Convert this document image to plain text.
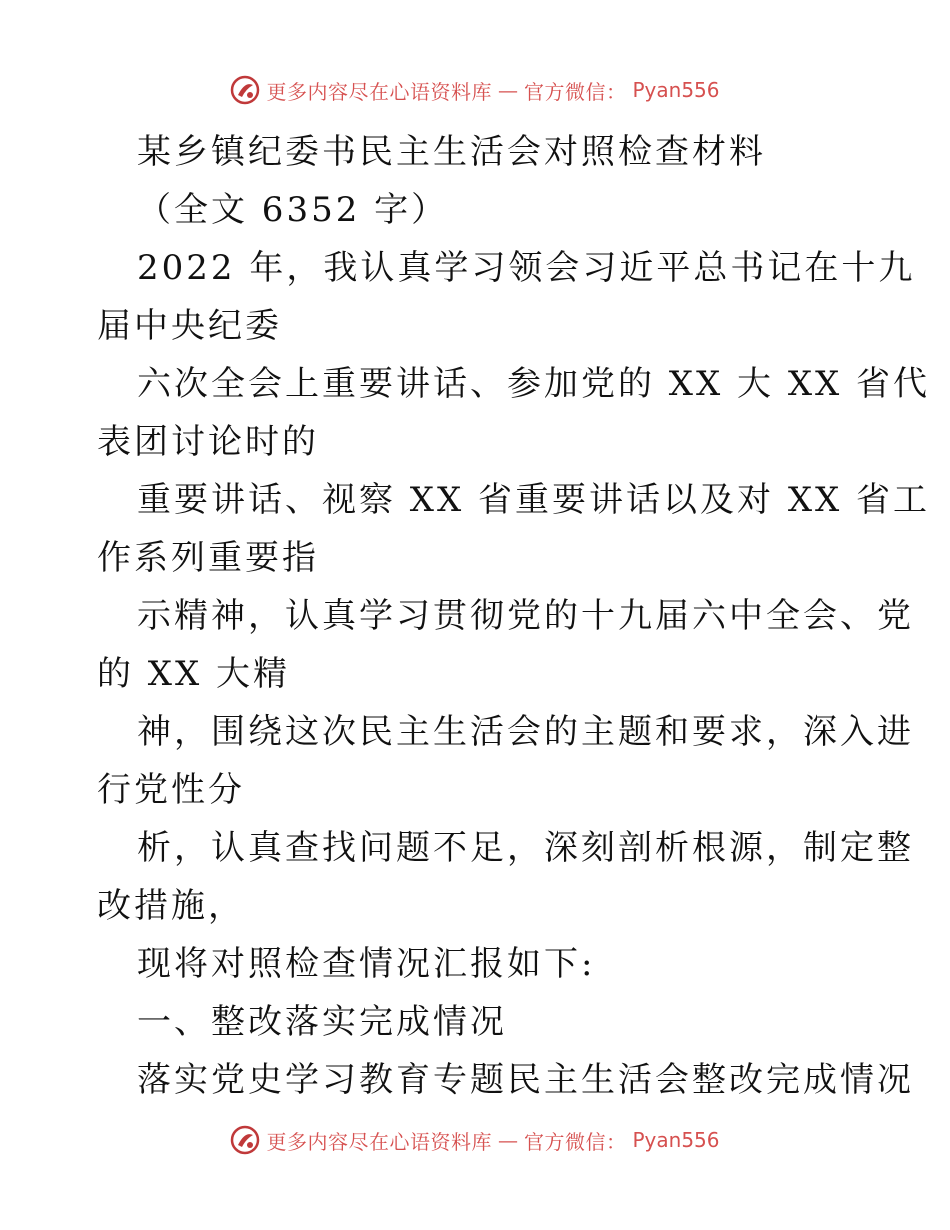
更多内容尽在心语资料库 — 官方微信： Pyan556
某乡镇纪委书民主生活会对照检查材料
（全文 6352 字）
2022 年，我认真学习领会习近平总书记在十九
届中央纪委
六次全会上重要讲话、参加党的 XX 大 XX 省代
表团讨论时的
重要讲话、视察 XX 省重要讲话以及对 XX 省工
作系列重要指
示精神，认真学习贯彻党的十九届六中全会、党
的 XX 大精
神，围绕这次民主生活会的主题和要求，深入进
行党性分
析，认真查找问题不足，深刻剖析根源，制定整
改措施，
现将对照检查情况汇报如下:
一、整改落实完成情况
落实党史学习教育专题民主生活会整改完成情况
更多内容尽在心语资料库 — 官方微信： Pyan556
